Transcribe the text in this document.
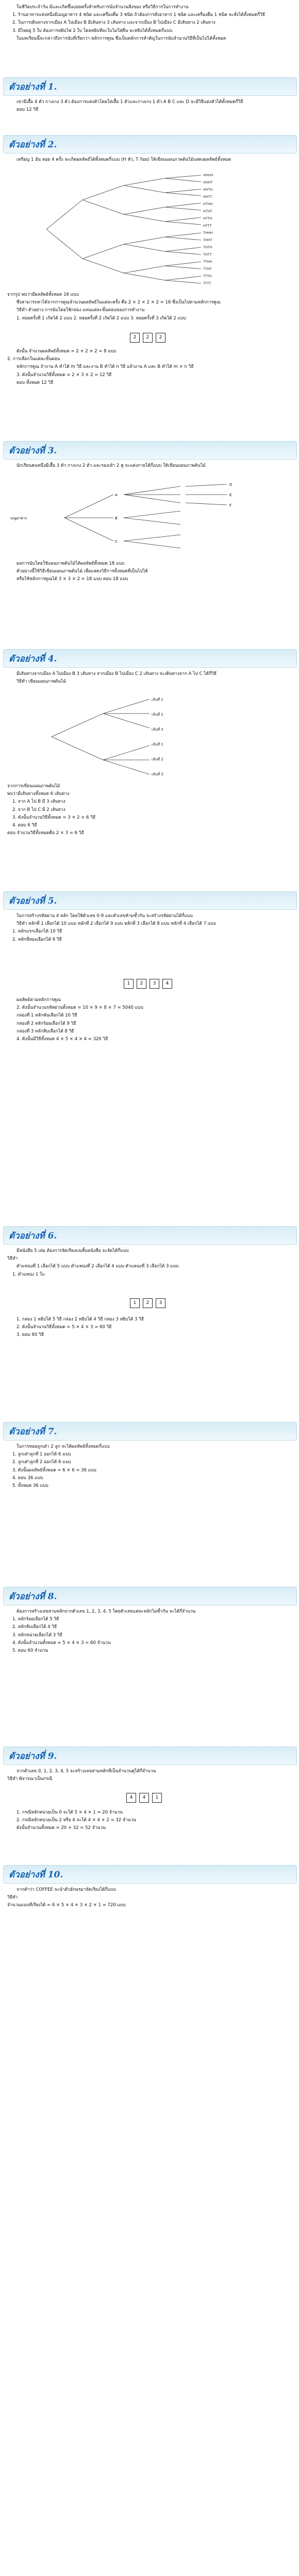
ในชีวิตประจำวัน มีเเละเกิดขึ้นบ่อยครั้งสำหรับการนับจำนวนสิ่งของ หรือวิธีการในการทำงาน

1. ร้านอาหารแห่งหนึ่งมีเมนูอาหาร 4 ชนิด และเครื่องดื่ม 3 ชนิด ถ้าต้องการสั่งอาหาร 1 ชนิด และเครื่องดื่ม 1 ชนิด จะสั่งได้ทั้งหมดกี่วิธี

2. ในการเดินทางจากเมือง A ไปเมือง B มีเส้นทาง 3 เส้นทาง และจากเมือง B ไปเมือง C มีเส้นทาง 2 เส้นทาง

3. มีไพ่อยู่ 5 ใบ ต้องการหยิบไพ่ 2 ใบ โดยหยิบทีละใบไม่ใส่คืน จะหยิบได้ทั้งหมดกี่แบบ

ในบทเรียนนี้จะกล่าวถึงการนับที่เรียกว่า หลักการคูณ ซึ่งเป็นหลักการสำคัญในการนับจำนวนวิธีที่เป็นไปได้ทั้งหมด

ตัวอย่างที่ 1.

เขามีเสื้อ 4 ตัว กางเกง 3 ตัว ต้องการแต่งตัวโดยใส่เสื้อ 1 ตัวและกางเกง 1 ตัว A B C และ D จะมีวิธีแต่งตัวได้ทั้งหมดกี่วิธี

ตอบ 12 วิธี

ตัวอย่างที่ 2.

เหรียญ 1 อัน ทอย 4 ครั้ง จะเกิดผลลัพธ์ได้ทั้งหมดกี่แบบ (H หัว, T ก้อย) ให้เขียนแผนภาพต้นไม้แสดงผลลัพธ์ทั้งหมด

HHHH
HHHT
HHTH
HHTT
HTHH
HTHT
HTTH
HTTT
THHH
THHT
THTH
THTT
TTHH
TTHT
TTTH
TTTT

จากรูป พบว่ามีผลลัพธ์ทั้งหมด 16 แบบ

ซึ่งสามารถหาได้จากการคูณจำนวนผลลัพธ์ในแต่ละครั้ง คือ 2 × 2 × 2 × 2 = 16 ซึ่งเป็นไปตามหลักการคูณ

วิธีทำ ตัวอย่าง การนับโดยใช้กล่อง แทนแต่ละขั้นตอนของการทำงาน

1. ทอยครั้งที่ 1 เกิดได้ 2 แบบ 2. ทอยครั้งที่ 2 เกิดได้ 2 แบบ 3. ทอยครั้งที่ 3 เกิดได้ 2 แบบ

2	2	2

ดังนั้น จำนวนผลลัพธ์ทั้งหมด = 2 × 2 × 2 = 8 แบบ

2. การเลือกในแต่ละขั้นตอน

หลักการคูณ ถ้างาน A ทำได้ m วิธี และงาน B ทำได้ n วิธี แล้วงาน A และ B ทำได้ m × n วิธี

3. ดังนั้นจำนวนวิธีทั้งหมด = 2 × 3 × 2 = 12 วิธี

ตอบ ทั้งหมด 12 วิธี

ตัวอย่างที่ 3.

นักเรียนคนหนึ่งมีเสื้อ 3 ตัว กางเกง 2 ตัว และรองเท้า 2 คู่ จะแต่งกายได้กี่แบบ ให้เขียนแผนภาพต้นไม้

เมนูอาหาร
A
B
C
D
E
F

ผลการนับโดยใช้แผนภาพต้นไม้ได้ผลลัพธ์ทั้งหมด 18 แบบ

ตัวอย่างนี้ใช้วิธีเขียนแผนภาพต้นไม้ เพื่อแสดงวิธีการทั้งหมดที่เป็นไปได้

หรือใช้หลักการคูณได้ 3 × 3 × 2 = 18 แบบ ตอบ 18 แบบ

ตัวอย่างที่ 4.

มีเส้นทางจากเมือง A ไปเมือง B 3 เส้นทาง จากเมือง B ไปเมือง C 2 เส้นทาง จะเดินทางจาก A ไป C ได้กี่วิธี

วิธีทำ เขียนแผนภาพต้นไม้

เส้นที่ 1
เส้นที่ 2
เส้นที่ 3
เส้นที่ 1
เส้นที่ 2
เส้นที่ 3

จากการเขียนแผนภาพต้นไม้

พบว่ามีเส้นทางทั้งหมด 6 เส้นทาง

1. จาก A ไป B มี 3 เส้นทาง

2. จาก B ไป C มี 2 เส้นทาง

3. ดังนั้นจำนวนวิธีทั้งหมด = 3 × 2 = 6 วิธี

4. ตอบ 6 วิธี

ตอบ จำนวนวิธีทั้งหมดคือ 2 × 3 = 6 วิธี

ตัวอย่างที่ 5.

ในการสร้างรหัสผ่าน 4 หลัก โดยใช้ตัวเลข 0-9 และตัวเลขห้ามซ้ำกัน จะสร้างรหัสผ่านได้กี่แบบ

วิธีทำ หลักที่ 1 เลือกได้ 10 แบบ หลักที่ 2 เลือกได้ 9 แบบ หลักที่ 3 เลือกได้ 8 แบบ หลักที่ 4 เลือกได้ 7 แบบ

1. หลักแรกเลือกได้ 10 วิธี

2. หลักที่สองเลือกได้ 9 วิธี

1	2	3	4

ผลลัพธ์ตามหลักการคูณ

2. ดังนั้นจำนวนรหัสผ่านทั้งหมด = 10 × 9 × 8 × 7 = 5040 แบบ

กล่องที่ 1 หลักพันเลือกได้ 10 วิธี

กล่องที่ 2 หลักร้อยเลือกได้ 9 วิธี

กล่องที่ 3 หลักสิบเลือกได้ 8 วิธี

4. ดังนั้นมีวิธีทั้งหมด 4 × 5 × 4 × 4 = 320 วิธี

ตัวอย่างที่ 6.

มีหนังสือ 5 เล่ม ต้องการจัดเรียงบนชั้นหนังสือ จะจัดได้กี่แบบ

วิธีทำ

ตำแหน่งที่ 1 เลือกได้ 5 แบบ ตำแหน่งที่ 2 เลือกได้ 4 แบบ ตำแหน่งที่ 3 เลือกได้ 3 แบบ

1. ตำแหน่ง 1 ใบ

1	2	3

1. กล่อง 1 หยิบได้ 5 วิธี กล่อง 2 หยิบได้ 4 วิธี กล่อง 3 หยิบได้ 3 วิธี

2. ดังนั้นจำนวนวิธีทั้งหมด = 5 × 4 × 3 = 60 วิธี

3. ตอบ 60 วิธี

ตัวอย่างที่ 7.

ในการทอยลูกเต๋า 2 ลูก จะได้ผลลัพธ์ทั้งหมดกี่แบบ

1. ลูกเต๋าลูกที่ 1 ออกได้ 6 แบบ

2. ลูกเต๋าลูกที่ 2 ออกได้ 6 แบบ

3. ดังนั้นผลลัพธ์ทั้งหมด = 6 × 6 = 36 แบบ

4. ตอบ 36 แบบ

5. ทั้งหมด 36 แบบ

ตัวอย่างที่ 8.

ต้องการสร้างเลขสามหลักจากตัวเลข 1, 2, 3, 4, 5 โดยตัวเลขแต่ละหลักไม่ซ้ำกัน จะได้กี่จำนวน

1. หลักร้อยเลือกได้ 5 วิธี

2. หลักสิบเลือกได้ 4 วิธี

3. หลักหน่วยเลือกได้ 3 วิธี

4. ดังนั้นจำนวนทั้งหมด = 5 × 4 × 3 = 60 จำนวน

5. ตอบ 60 จำนวน

ตัวอย่างที่ 9.

จากตัวเลข 0, 1, 2, 3, 4, 5 จะสร้างเลขสามหลักที่เป็นจำนวนคู่ได้กี่จำนวน

วิธีทำ พิจารณาเป็นกรณี

4	4	1

1. กรณีหลักหน่วยเป็น 0 จะได้ 5 × 4 × 1 = 20 จำนวน

2. กรณีหลักหน่วยเป็น 2 หรือ 4 จะได้ 4 × 4 × 2 = 32 จำนวน

ดังนั้นจำนวนทั้งหมด = 20 + 32 = 52 จำนวน

ตัวอย่างที่ 10.

จากคำว่า COFFEE จะนำตัวอักษรมาจัดเรียงได้กี่แบบ

วิธีทำ

จำนวนแบบที่เรียงได้ = 6 × 5 × 4 × 3 × 2 × 1 = 720 แบบ
